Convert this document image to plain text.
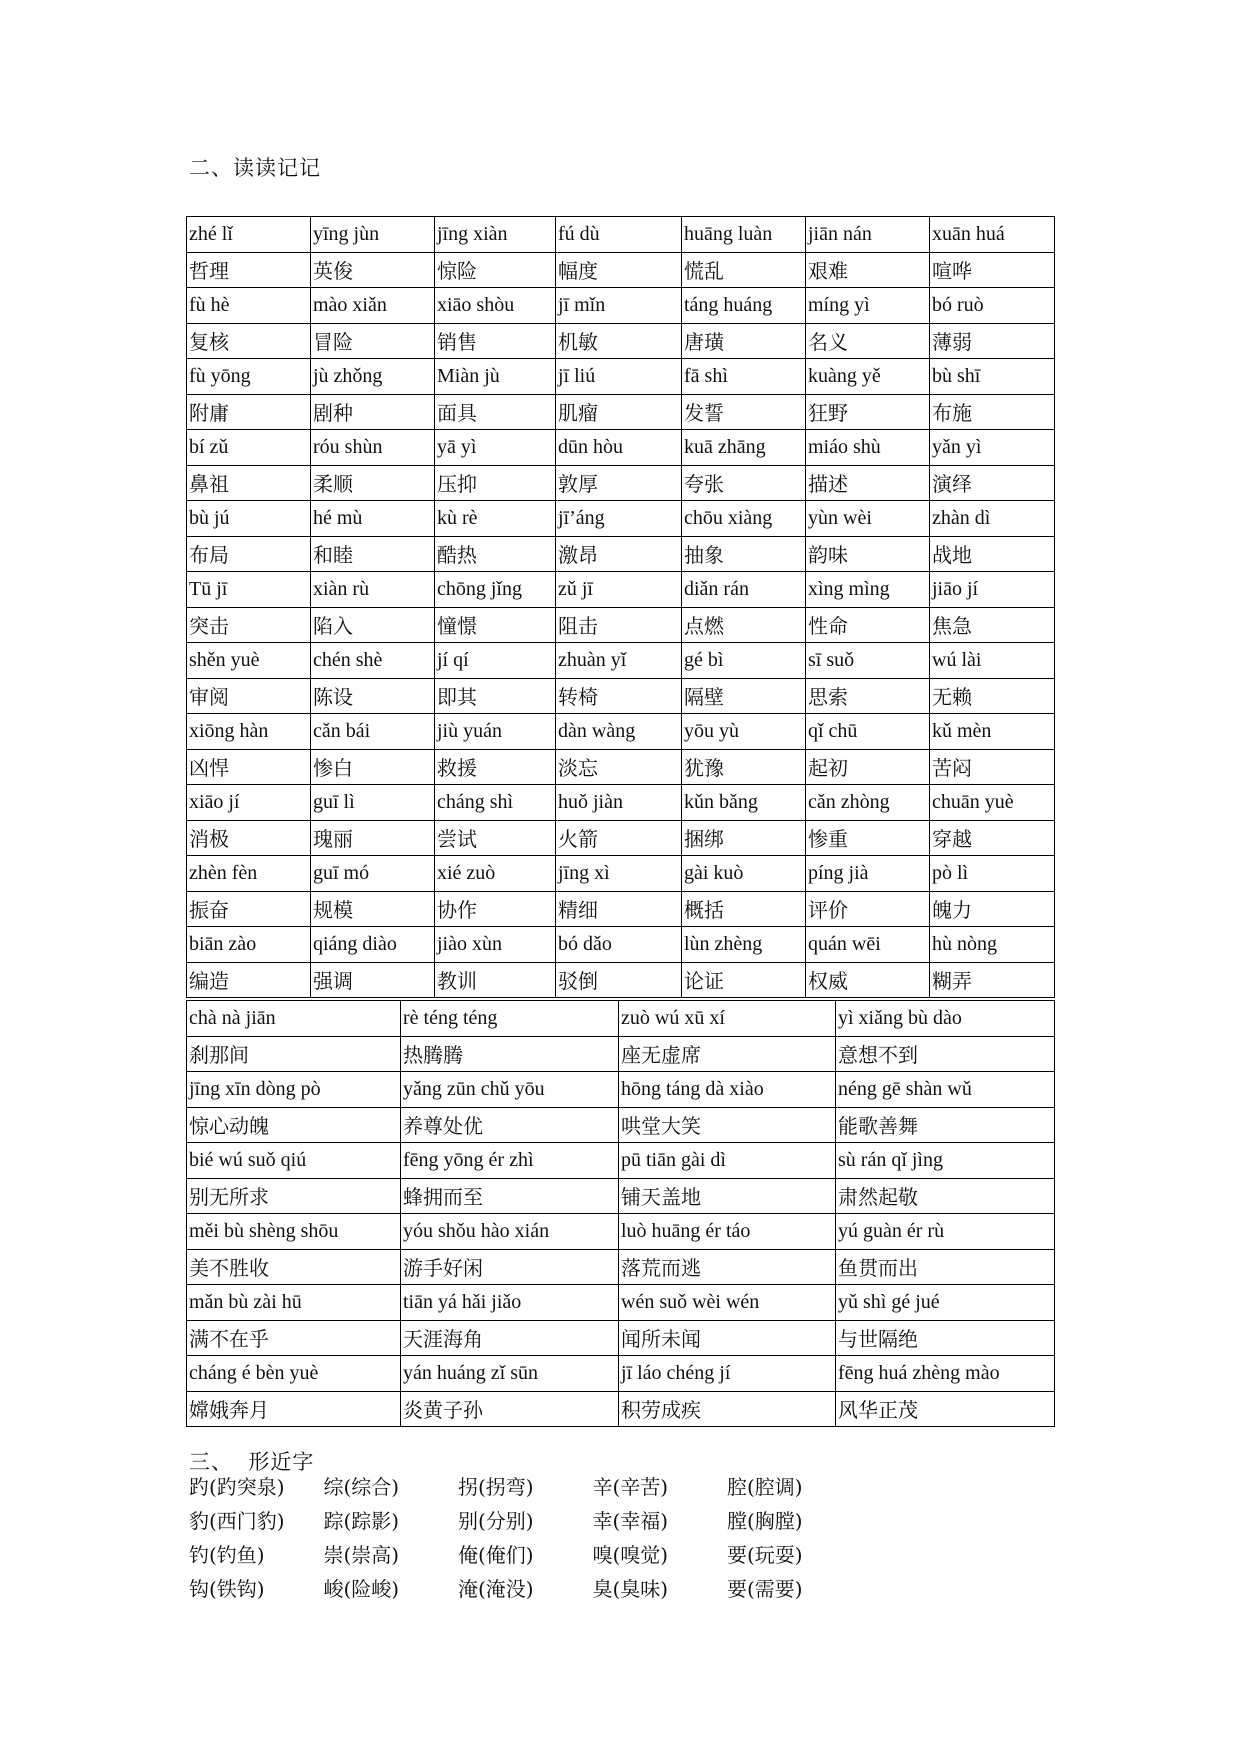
二、读读记记
zhé lǐ	yīng jùn	jīng xiàn	fú dù	huāng luàn	jiān nán	xuān huá
哲理	英俊	惊险	幅度	慌乱	艰难	喧哗
fù hè	mào xiǎn	xiāo shòu	jī mǐn	táng huáng	míng yì	bó ruò
复核	冒险	销售	机敏	唐璜	名义	薄弱
fù yōng	jù zhǒng	Miàn jù	jī liú	fā shì	kuàng yě	bù shī
附庸	剧种	面具	肌瘤	发誓	狂野	布施
bí zǔ	róu shùn	yā yì	dūn hòu	kuā zhāng	miáo shù	yǎn yì
鼻祖	柔顺	压抑	敦厚	夸张	描述	演绎
bù jú	hé mù	kù rè	jī’áng	chōu xiàng	yùn wèi	zhàn dì
布局	和睦	酷热	激昂	抽象	韵味	战地
Tū jī	xiàn rù	chōng jǐng	zǔ jī	diǎn rán	xìng mìng	jiāo jí
突击	陷入	憧憬	阻击	点燃	性命	焦急
shěn yuè	chén shè	jí qí	zhuàn yǐ	gé bì	sī suǒ	wú lài
审阅	陈设	即其	转椅	隔壁	思索	无赖
xiōng hàn	cǎn bái	jiù yuán	dàn wàng	yōu yù	qǐ chū	kǔ mèn
凶悍	惨白	救援	淡忘	犹豫	起初	苦闷
xiāo jí	guī lì	cháng shì	huǒ jiàn	kǔn bǎng	cǎn zhòng	chuān yuè
消极	瑰丽	尝试	火箭	捆绑	惨重	穿越
zhèn fèn	guī mó	xié zuò	jīng xì	gài kuò	píng jià	pò lì
振奋	规模	协作	精细	概括	评价	魄力
biān zào	qiáng diào	jiào xùn	bó dǎo	lùn zhèng	quán wēi	hù nòng
编造	强调	教训	驳倒	论证	权威	糊弄
chà nà jiān	rè téng téng	zuò wú xū xí	yì xiǎng bù dào
刹那间	热腾腾	座无虚席	意想不到
jīng xīn dòng pò	yǎng zūn chǔ yōu	hōng táng dà xiào	néng gē shàn wǔ
惊心动魄	养尊处优	哄堂大笑	能歌善舞
bié wú suǒ qiú	fēng yōng ér zhì	pū tiān gài dì	sù rán qǐ jìng
别无所求	蜂拥而至	铺天盖地	肃然起敬
měi bù shèng shōu	yóu shǒu hào xián	luò huāng ér táo	yú guàn ér rù
美不胜收	游手好闲	落荒而逃	鱼贯而出
mǎn bù zài hū	tiān yá hǎi jiǎo	wén suǒ wèi wén	yǔ shì gé jué
满不在乎	天涯海角	闻所未闻	与世隔绝
cháng é bèn yuè	yán huáng zǐ sūn	jī láo chéng jí	fēng huá zhèng mào
嫦娥奔月	炎黄子孙	积劳成疾	风华正茂
三、  形近字
趵(趵突泉)	综(综合)	拐(拐弯)	辛(辛苦)	腔(腔调)
豹(西门豹)	踪(踪影)	别(分别)	幸(幸福)	膛(胸膛)
钓(钓鱼)	崇(崇高)	俺(俺们)	嗅(嗅觉)	要(玩耍)
钩(铁钩)	峻(险峻)	淹(淹没)	臭(臭味)	要(需要)
